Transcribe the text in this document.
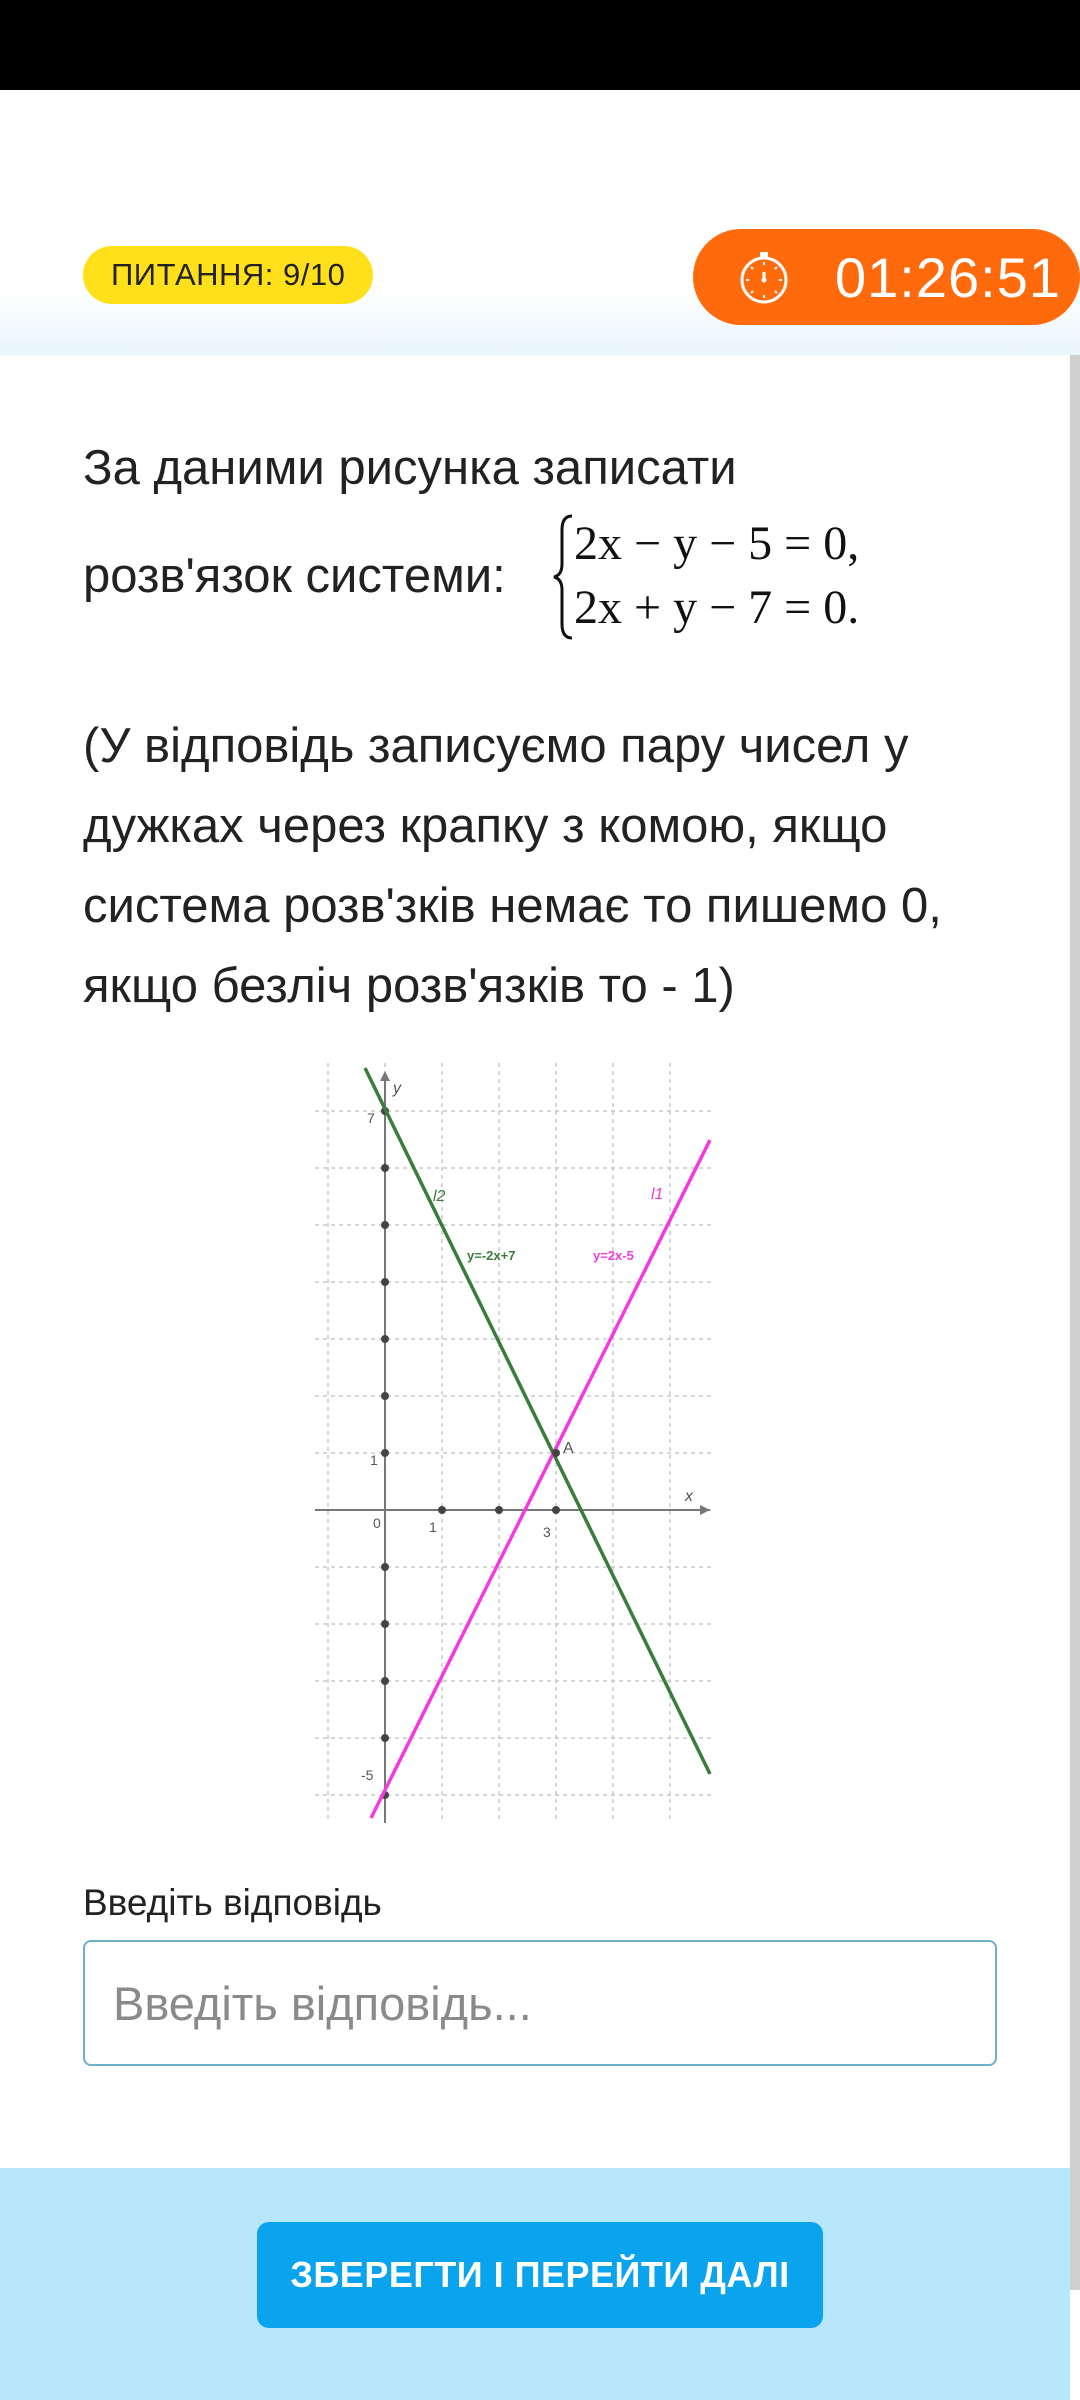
ПИТАННЯ: 9/10	01:26:51
За даними рисунка записати
розв'язок системи:
2x − y − 5 = 0,
2x + y − 7 = 0.
(У відповідь записуємо пару чисел у
дужках через крапку з комою, якщо
система розв'зків немає то пишемо 0,
якщо безліч розв'язків то - 1)
y
x
0	1	3
7
1
-5
A
l2	l1
y=-2x+7	y=2x-5
Введіть відповідь
Введіть відповідь...
ЗБЕРЕГТИ І ПЕРЕЙТИ ДАЛІ
